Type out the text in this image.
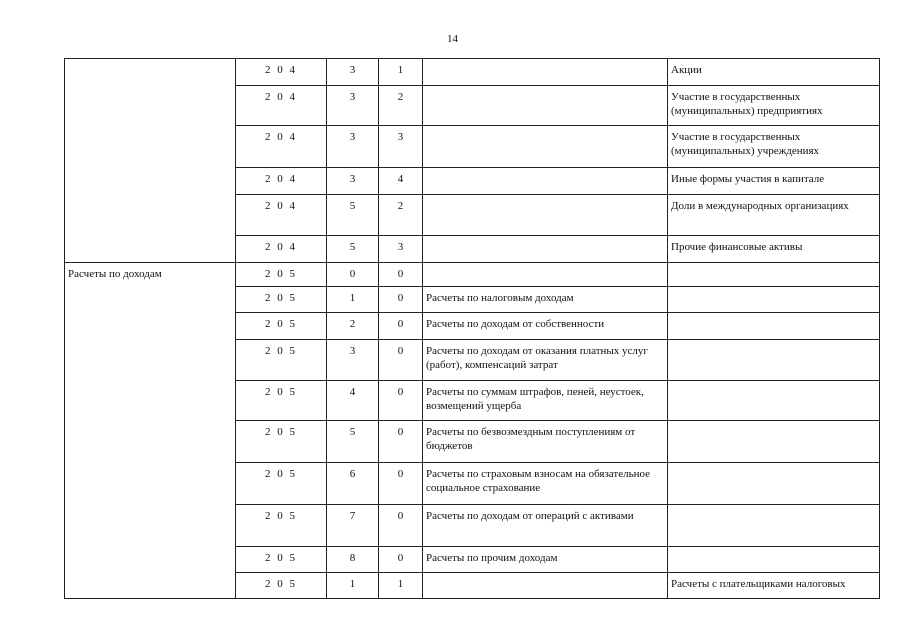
14
	2 0 4	3	1		Акции
	2 0 4	3	2		Участие в государственных (муниципальных) предприятиях
	2 0 4	3	3		Участие в государственных (муниципальных) учреждениях
	2 0 4	3	4		Иные формы участия в капитале
	2 0 4	5	2		Доли в международных организациях
	2 0 4	5	3		Прочие финансовые активы
Расчеты по доходам	2 0 5	0	0		
	2 0 5	1	0	Расчеты по налоговым доходам	
	2 0 5	2	0	Расчеты по доходам от собственности	
	2 0 5	3	0	Расчеты по доходам от оказания платных услуг (работ), компенсаций затрат	
	2 0 5	4	0	Расчеты по суммам штрафов, пеней, неустоек, возмещений ущерба	
	2 0 5	5	0	Расчеты по безвозмездным поступлениям от бюджетов	
	2 0 5	6	0	Расчеты по страховым взносам на обязательное социальное страхование	
	2 0 5	7	0	Расчеты по доходам от операций с активами	
	2 0 5	8	0	Расчеты по прочим доходам	
	2 0 5	1	1		Расчеты с плательщиками налоговых
